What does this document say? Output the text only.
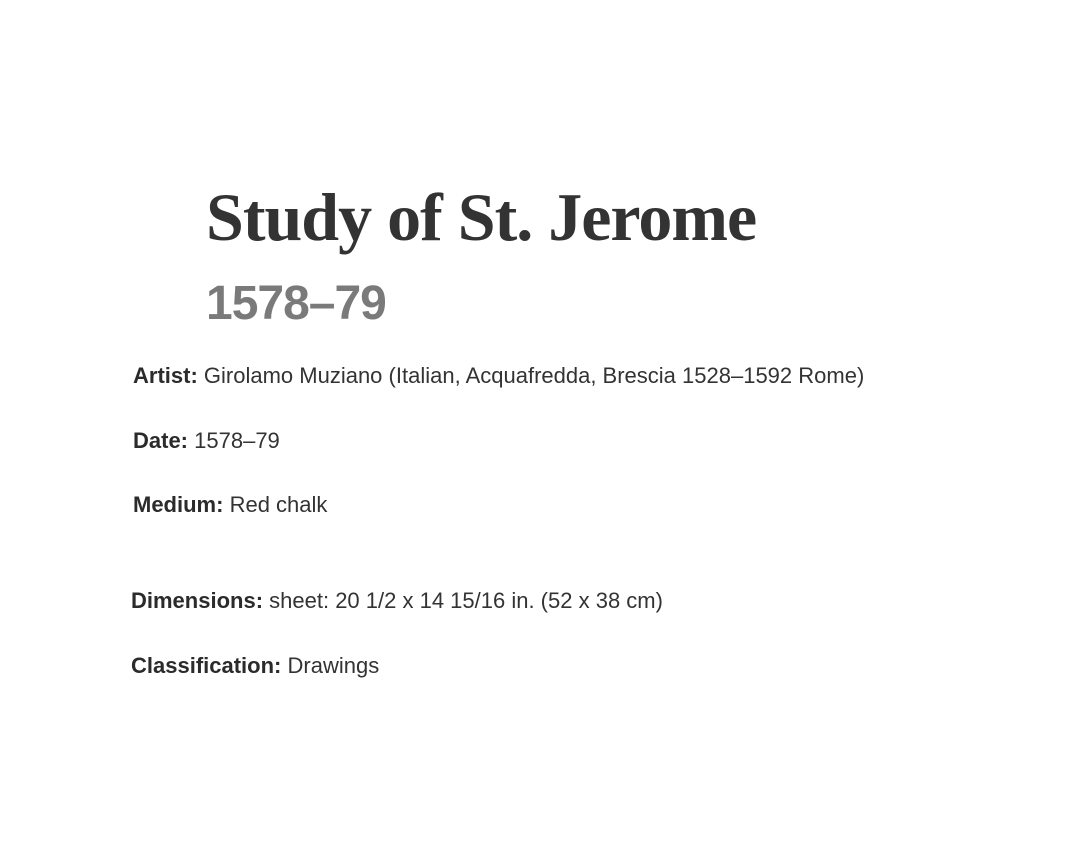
Study of St. Jerome
1578–79

Artist: Girolamo Muziano (Italian, Acquafredda, Brescia 1528–1592 Rome)

Date: 1578–79

Medium: Red chalk

Dimensions: sheet: 20 1/2 x 14 15/16 in. (52 x 38 cm)

Classification: Drawings
